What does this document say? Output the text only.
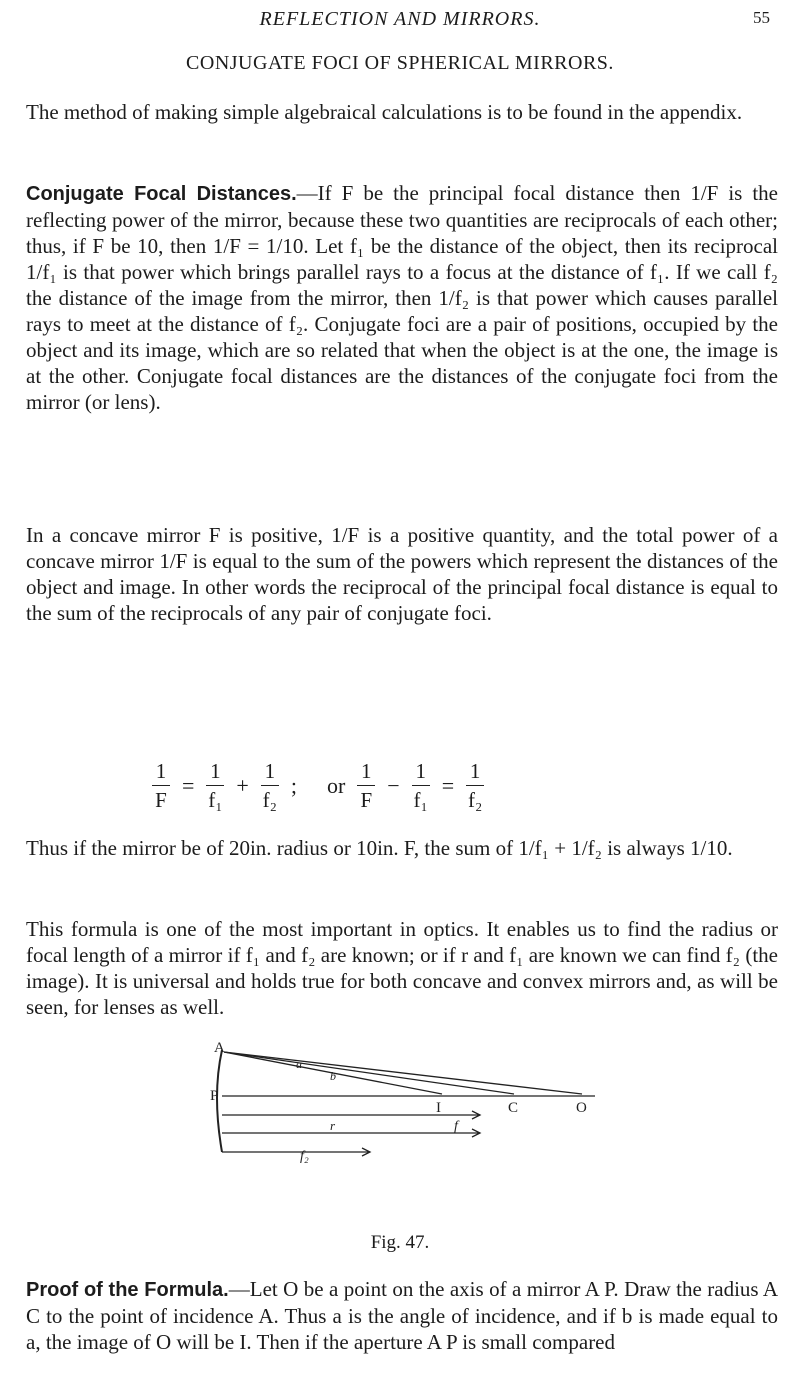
REFLECTION AND MIRRORS.	55
CONJUGATE FOCI OF SPHERICAL MIRRORS.

The method of making simple algebraical calculations is to be found in the appendix.

Conjugate Focal Distances.—If F be the principal focal distance then 1/F is the reflecting power of the mirror, because these two quantities are reciprocals of each other; thus, if F be 10, then 1/F = 1/10. Let f₁ be the distance of the object, then its reciprocal 1/f₁ is that power which brings parallel rays to a focus at the distance of f₁. If we call f₂ the distance of the image from the mirror, then 1/f₂ is that power which causes parallel rays to meet at the distance of f₂. Conjugate foci are a pair of positions, occupied by the object and its image, which are so related that when the object is at the one, the image is at the other. Conjugate focal distances are the distances of the conjugate foci from the mirror (or lens).

In a concave mirror F is positive, 1/F is a positive quantity, and the total power of a concave mirror 1/F is equal to the sum of the powers which represent the distances of the object and image. In other words the reciprocal of the principal focal distance is equal to the sum of the reciprocals of any pair of conjugate foci.

$\frac{1}{F} = \frac{1}{\text{f₁}} + \frac{1}{\text{f₂}}$ ; or $\frac{1}{F} - \frac{1}{\text{f₁}} = \frac{1}{\text{f₂}}$

Thus if the mirror be of 20in. radius or 10in. F, the sum of 1/f₁ + 1/f₂ is always 1/10.

This formula is one of the most important in optics. It enables us to find the radius or focal length of a mirror if f₁ and f₂ are known; or if r and f₁ are known we can find f₂ (the image). It is universal and holds true for both concave and convex mirrors and, as will be seen, for lenses as well.

A
P
I	C	O
a
b
f
r
f₂
Fig. 47.

Proof of the Formula.—Let O be a point on the axis of a mirror A P. Draw the radius A C to the point of incidence A. Thus a is the angle of incidence, and if b is made equal to a, the image of O will be I. Then if the aperture A P is small compared
